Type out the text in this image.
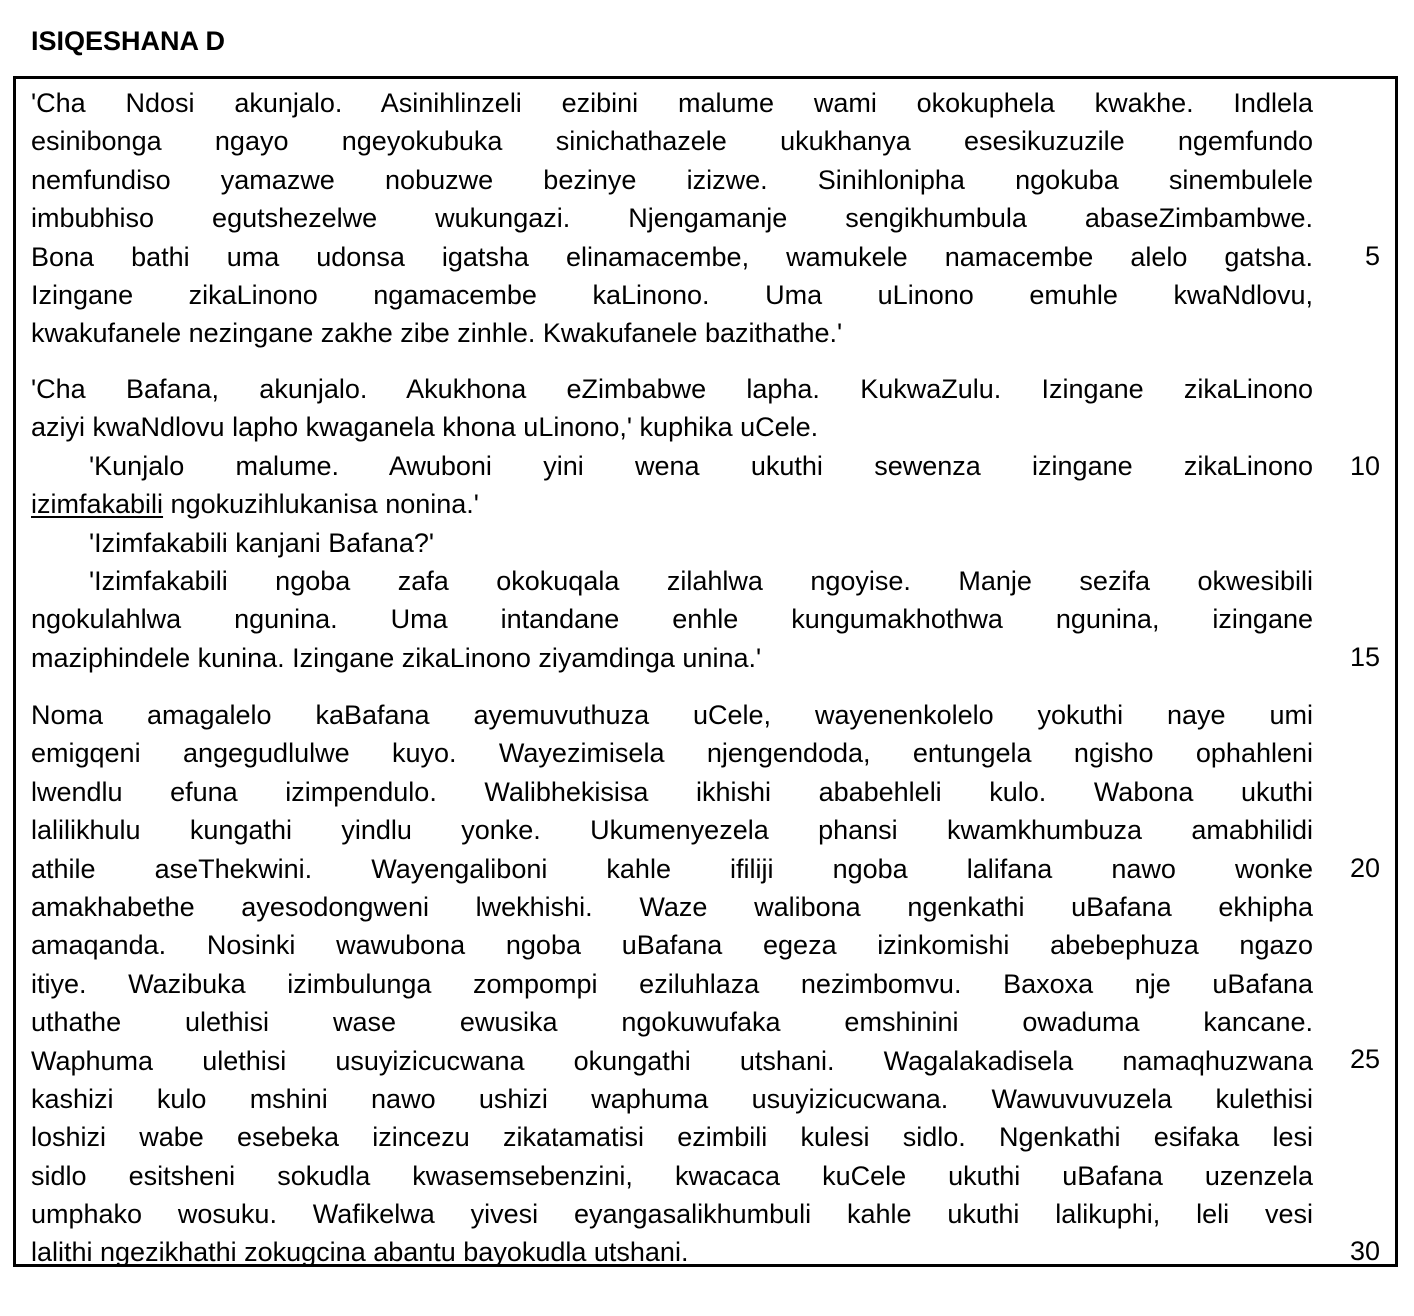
ISIQESHANA D
'Cha Ndosi akunjalo. Asinihlinzeli ezibini malume wami okokuphela kwakhe. Indlela
esinibonga ngayo ngeyokubuka sinichathazele ukukhanya esesikuzuzile ngemfundo
nemfundiso yamazwe nobuzwe bezinye izizwe. Sinihlonipha ngokuba sinembulele
imbubhiso egutshezelwe wukungazi. Njengamanje sengikhumbula abaseZimbambwe.
Bona bathi uma udonsa igatsha elinamacembe, wamukele namacembe alelo gatsha.
Izingane zikaLinono ngamacembe kaLinono. Uma uLinono emuhle kwaNdlovu,
kwakufanele nezingane zakhe zibe zinhle. Kwakufanele bazithathe.'
'Cha Bafana, akunjalo. Akukhona eZimbabwe lapha. KukwaZulu. Izingane zikaLinono
aziyi kwaNdlovu lapho kwaganela khona uLinono,' kuphika uCele.
'Kunjalo malume. Awuboni yini wena ukuthi sewenza izingane zikaLinono
izimfakabili ngokuzihlukanisa nonina.'
'Izimfakabili kanjani Bafana?'
'Izimfakabili ngoba zafa okokuqala zilahlwa ngoyise. Manje sezifa okwesibili
ngokulahlwa ngunina. Uma intandane enhle kungumakhothwa ngunina, izingane
maziphindele kunina. Izingane zikaLinono ziyamdinga unina.'
Noma amagalelo kaBafana ayemuvuthuza uCele, wayenenkolelo yokuthi naye umi
emigqeni angegudlulwe kuyo. Wayezimisela njengendoda, entungela ngisho ophahleni
lwendlu efuna izimpendulo. Walibhekisisa ikhishi ababehleli kulo. Wabona ukuthi
lalilikhulu kungathi yindlu yonke. Ukumenyezela phansi kwamkhumbuza amabhilidi
athile aseThekwini. Wayengaliboni kahle ifiliji ngoba lalifana nawo wonke
amakhabethe ayesodongweni lwekhishi. Waze walibona ngenkathi uBafana ekhipha
amaqanda. Nosinki wawubona ngoba uBafana egeza izinkomishi abebephuza ngazo
itiye. Wazibuka izimbulunga zompompi eziluhlaza nezimbomvu. Baxoxa nje uBafana
uthathe ulethisi wase ewusika ngokuwufaka emshinini owaduma kancane.
Waphuma ulethisi usuyizicucwana okungathi utshani. Wagalakadisela namaqhuzwana
kashizi kulo mshini nawo ushizi waphuma usuyizicucwana. Wawuvuvuzela kulethisi
loshizi wabe esebeka izincezu zikatamatisi ezimbili kulesi sidlo. Ngenkathi esifaka lesi
sidlo esitsheni sokudla kwasemsebenzini, kwacaca kuCele ukuthi uBafana uzenzela
umphako wosuku. Wafikelwa yivesi eyangasalikhumbuli kahle ukuthi lalikuphi, leli vesi
lalithi ngezikhathi zokugcina abantu bayokudla utshani.
5
10
15
20
25
30
